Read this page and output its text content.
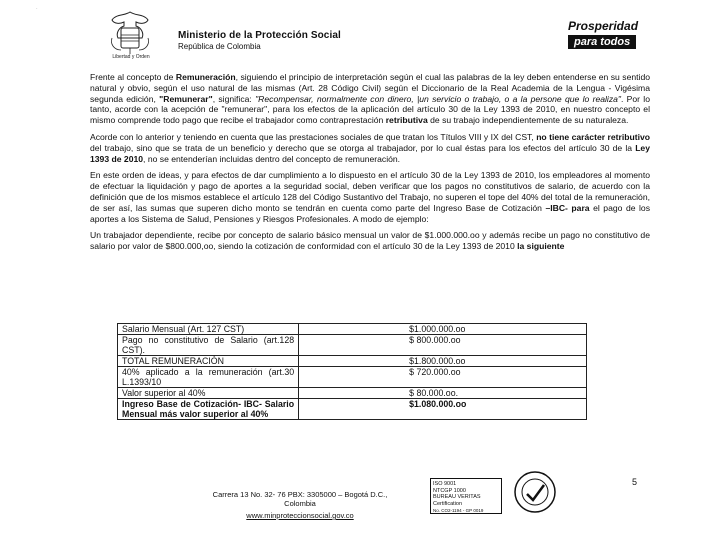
·
Libertad y Orden
Ministerio de la Protección Social
República de Colombia
Prosperidad
para todos

Frente al concepto de Remuneración, siguiendo el principio de interpretación según el cual las palabras de la ley deben entenderse en su sentido natural y obvio, según el uso natural de las mismas (Art. 28 Código Civil) según el Diccionario de la Real Academia de la Lengua - Vigésima segunda edición, "Remunerar", significa: "Recompensar, normalmente con dinero, |un servicio o trabajo, o a la persone que lo realiza". Por lo tanto, acorde con la acepción de "remunerar", para los efectos de la aplicación del artículo 30 de la Ley 1393 de 2010, en nuestro concepto el mismo comprende todo pago que recibe el trabajador como contraprestación retributiva de su trabajo independientemente de su naturaleza.

Acorde con lo anterior y teniendo en cuenta que las prestaciones sociales de que tratan los Títulos VIII y IX del CST, no tiene carácter retributivo del trabajo, sino que se trata de un beneficio y derecho que se otorga al trabajador, por lo cual éstas para los efectos del artículo 30 de la Ley 1393 de 2010, no se entenderían incluidas dentro del concepto de remuneración.

En este orden de ideas, y para efectos de dar cumplimiento a lo dispuesto en el artículo 30 de la Ley 1393 de 2010, los empleadores al momento de efectuar la liquidación y pago de aportes a la seguridad social, deben verificar que los pagos no constitutivos de salario, de acuerdo con la definición que de los mismos establece el artículo 128 del Código Sustantivo del Trabajo, no superen el tope del 40% del total de la remuneración, de ser así, las sumas que superen dicho monto se tendrán en cuenta como parte del Ingreso Base de Cotización –IBC- para el pago de los aportes a los Sistema de Salud, Pensiones y Riesgos Profesionales. A modo de ejemplo:

Un trabajador dependiente, recibe por concepto de salario básico mensual un valor de $1.000.000.oo y además recibe un pago no constitutivo de salario por valor de $800.000,oo, siendo la cotización de conformidad con el artículo 30 de la Ley 1393 de 2010 la siguiente

Salario Mensual (Art. 127 CST)	$1.000.000.oo
Pago no constitutivo de Salario (art.128 CST).	$ 800.000.oo
TOTAL REMUNERACIÓN	$1.800.000.oo
40% aplicado a la remuneración (art.30 L.1393/10	$ 720.000.oo
Valor superior al 40%	$ 80.000.oo.
Ingreso Base de Cotización- IBC- Salario Mensual más valor superior al 40%	$1.080.000.oo
5
Carrera 13 No. 32- 76 PBX: 3305000 – Bogotá D.C., Colombia
www.minproteccionsocial.gov.co
ISO 9001
NTCGP 1000
BUREAU VERITAS
Certification
No. CO2-1194 - GP 0019
